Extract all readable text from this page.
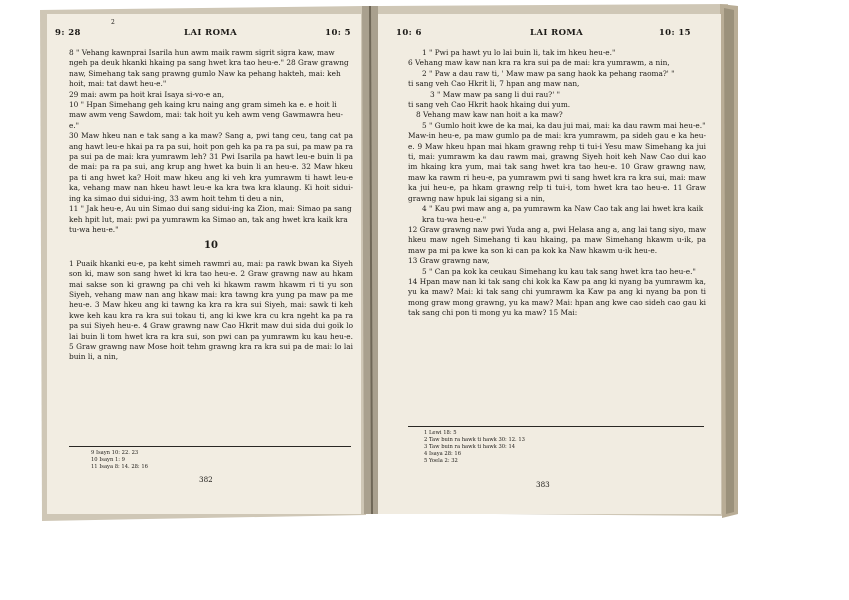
9: 28
2
LAI ROMA	10: 5

8 " Vehang kawnprai Isarila hun awm maik rawm sigrit sigra kaw, maw ngeh pa deuk hkanki hkaing pa sang hwet kra tao heu-e." 28 Graw grawng naw, Simehang tak sang prawng gumlo Naw ka pehang hakteh, mai: keh hoit, mai: tat dawt heu-e."

29 mai: awm pa hoit krai Isaya si-vo-e an,

10 " Hpan Simehang geh kaing kru naing ang gram simeh ka e. e hoit li maw awm veng Sawdom, mai: tak hoit yu keh awm veng Gawmawra heu-e."

30 Maw hkeu nan e tak sang a ka maw? Sang a, pwi tang ceu, tang cat pa ang hawt leu-e hkai pa ra pa sui, hoit pon geh ka pa ra pa sui, pa maw pa ra pa sui pa de mai: kra yumrawm leh? 31 Pwi Isarila pa hawt leu-e buin li pa de mai: pa ra pa sui, ang krup ang hwet ka buin li an heu-e. 32 Maw hkeu pa ti ang hwet ka? Hoit maw hkeu ang ki veh kra yumrawm ti hawt leu-e ka, vehang maw nan hkeu hawt leu-e ka kra twa kra klaung. Ki hoit sidui-ing ka simao dui sidui-ing, 33 awm hoit tehm ti deu a nin,

11 " Jak heu-e, Au uin Simao dui sang sidui-ing ka Zion, mai: Simao pa sang keh hpit lut, mai: pwi pa yumrawm ka Simao an, tak ang hwet kra kaik kra tu-wa heu-e."

10

1 Puaik hkanki eu-e, pa keht simeh rawmri au, mai: pa rawk bwan ka Siyeh son ki, maw son sang hwet ki kra tao heu-e. 2 Graw grawng naw au hkam mai sakse son ki grawng pa chi veh ki hkawm rawm hkawm ri ti yu son Siyeh, vehang maw nan ang hkaw mai: kra tawng kra yung pa maw pa me heu-e. 3 Maw hkeu ang ki tawng ka kra ra kra sui Siyeh, mai: sawk ti keh kwe keh kau kra ra kra sui tokau ti, ang ki kwe kra cu kra ngeht ka pa ra pa sui Siyeh heu-e. 4 Graw grawng naw Cao Hkrit maw dui sida dui goik lo lai buin li tom hwet kra ra kra sui, son pwi can pa yumrawm ku kau heu-e. 5 Graw grawng naw Mose hoit tehm grawng kra ra kra sui pa de mai: lo lai buin li, a nin,

9 Isayn 10: 22. 23
10 Isayn 1: 9
11 Isaya 8: 14. 28: 16
382
10: 6	LAI ROMA	10: 15

1 " Pwi pa hawt yu lo lai buin li, tak im hkeu heu-e."

6 Vehang maw kaw nan kra ra kra sui pa de mai: kra yumrawm, a nin,

2 " Paw a dau raw ti, ' Maw maw pa sang haok ka pehang raoma?' "

ti sang veh Cao Hkrit li, 7 hpan ang maw nan,

3 " Maw maw pa sang li dui rau?' "

ti sang veh Cao Hkrit haok hkaing dui yum.

8 Vehang maw kaw nan hoit a ka maw?

5 " Gumlo hoit kwe de ka mai, ka dau jui mai, mai: ka dau rawm mai heu-e."

Maw-in heu-e, pa maw gumlo pa de mai: kra yumrawm, pa sideh gau e ka heu-e. 9 Maw hkeu hpan mai hkam grawng rehp ti tui-i Yesu maw Simehang ka jui ti, mai: yumrawm ka dau rawm mai, grawng Siyeh hoit keh Naw Cao dui kao im hkaing kra yum, mai tak sang hwet kra tao heu-e. 10 Graw grawng naw, maw ka rawm ri heu-e, pa yumrawm pwi ti sang hwet kra ra kra sui, mai: maw ka jui heu-e, pa hkam grawng relp ti tui-i, tom hwet kra tao heu-e. 11 Graw grawng naw hpuk lai sigang si a nin,

4 " Kau pwi maw ang a, pa yumrawm ka Naw Cao tak ang lai hwet kra kaik kra tu-wa heu-e."

12 Graw grawng naw pwi Yuda ang a, pwi Helasa ang a, ang lai tang siyo, maw hkeu maw ngeh Simehang ti kau hkaing, pa maw Simehang hkawm u-ik, pa maw pa mi pa kwe ka son ki can pa kok ka Naw hkawm u-ik heu-e.

13 Graw grawng naw,

5 " Can pa kok ka ceukau Simehang ku kau tak sang hwet kra tao heu-e."

14 Hpan maw nan ki tak sang chi kok ka Kaw pa ang ki nyang ba yumrawm ka, yu ka maw? Mai: ki tak sang chi yumrawm ka Kaw pa ang ki nyang ba pon ti mong graw mong grawng, yu ka maw? Mai: hpan ang kwe cao sideh cao gau ki tak sang chi pon ti mong yu ka maw? 15 Mai:

1 Lewi 18: 5
2 Taw buin ra hawk ti hawk 30: 12. 13
3 Taw buin ra hawk ti hawk 30: 14
4 Isaya 28: 16
5 Yoela 2: 32
383
